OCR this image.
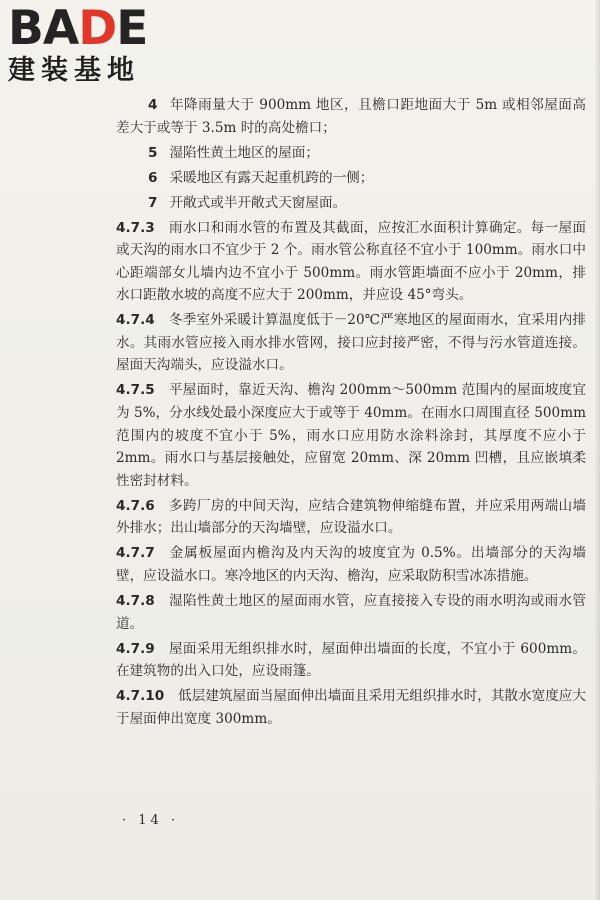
BADE
建装基地

4 年降雨量大于 900mm 地区，且檐口距地面大于 5m 或相邻屋面高差大于或等于 3.5m 时的高处檐口；

5 湿陷性黄土地区的屋面；

6 采暖地区有露天起重机跨的一侧；

7 开敞式或半开敞式天窗屋面。

4.7.3 雨水口和雨水管的布置及其截面，应按汇水面积计算确定。每一屋面或天沟的雨水口不宜少于 2 个。雨水管公称直径不宜小于 100mm。雨水口中心距端部女儿墙内边不宜小于 500mm。雨水管距墙面不应小于 20mm，排水口距散水坡的高度不应大于 200mm，并应设 45°弯头。

4.7.4 冬季室外采暖计算温度低于－20℃严寒地区的屋面雨水，宜采用内排水。其雨水管应接入雨水排水管网，接口应封接严密，不得与污水管道连接。屋面天沟端头，应设溢水口。

4.7.5 平屋面时，靠近天沟、檐沟 200mm～500mm 范围内的屋面坡度宜为 5%，分水线处最小深度应大于或等于 40mm。在雨水口周围直径 500mm 范围内的坡度不宜小于 5%，雨水口应用防水涂料涂封，其厚度不应小于 2mm。雨水口与基层接触处，应留宽 20mm、深 20mm 凹槽，且应嵌填柔性密封材料。

4.7.6 多跨厂房的中间天沟，应结合建筑物伸缩缝布置，并应采用两端山墙外排水；出山墙部分的天沟墙壁，应设溢水口。

4.7.7 金属板屋面内檐沟及内天沟的坡度宜为 0.5%。出墙部分的天沟墙壁，应设溢水口。寒冷地区的内天沟、檐沟，应采取防积雪冰冻措施。

4.7.8 湿陷性黄土地区的屋面雨水管，应直接接入专设的雨水明沟或雨水管道。

4.7.9 屋面采用无组织排水时，屋面伸出墙面的长度，不宜小于 600mm。在建筑物的出入口处，应设雨篷。

4.7.10 低层建筑屋面当屋面伸出墙面且采用无组织排水时，其散水宽度应大于屋面伸出宽度 300mm。

· 14 ·
